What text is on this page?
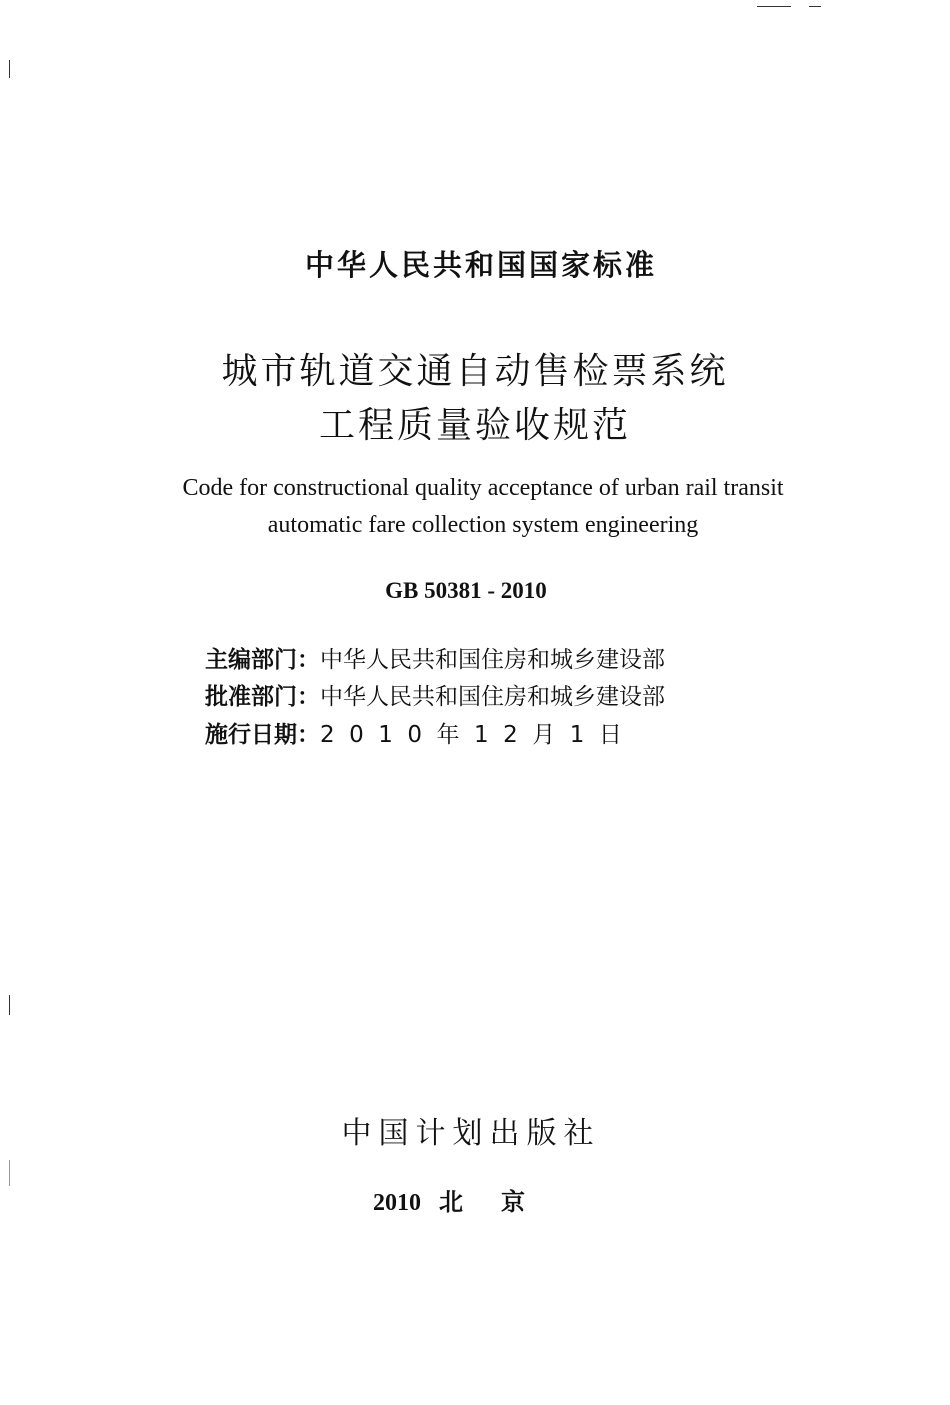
中华人民共和国国家标准
城市轨道交通自动售检票系统
工程质量验收规范
Code for constructional quality acceptance of urban rail transit
automatic fare collection system engineering
GB 50381 - 2010
主编部门：中华人民共和国住房和城乡建设部
批准部门：中华人民共和国住房和城乡建设部
施行日期：2010年12月1日
中国计划出版社
2010 北京
